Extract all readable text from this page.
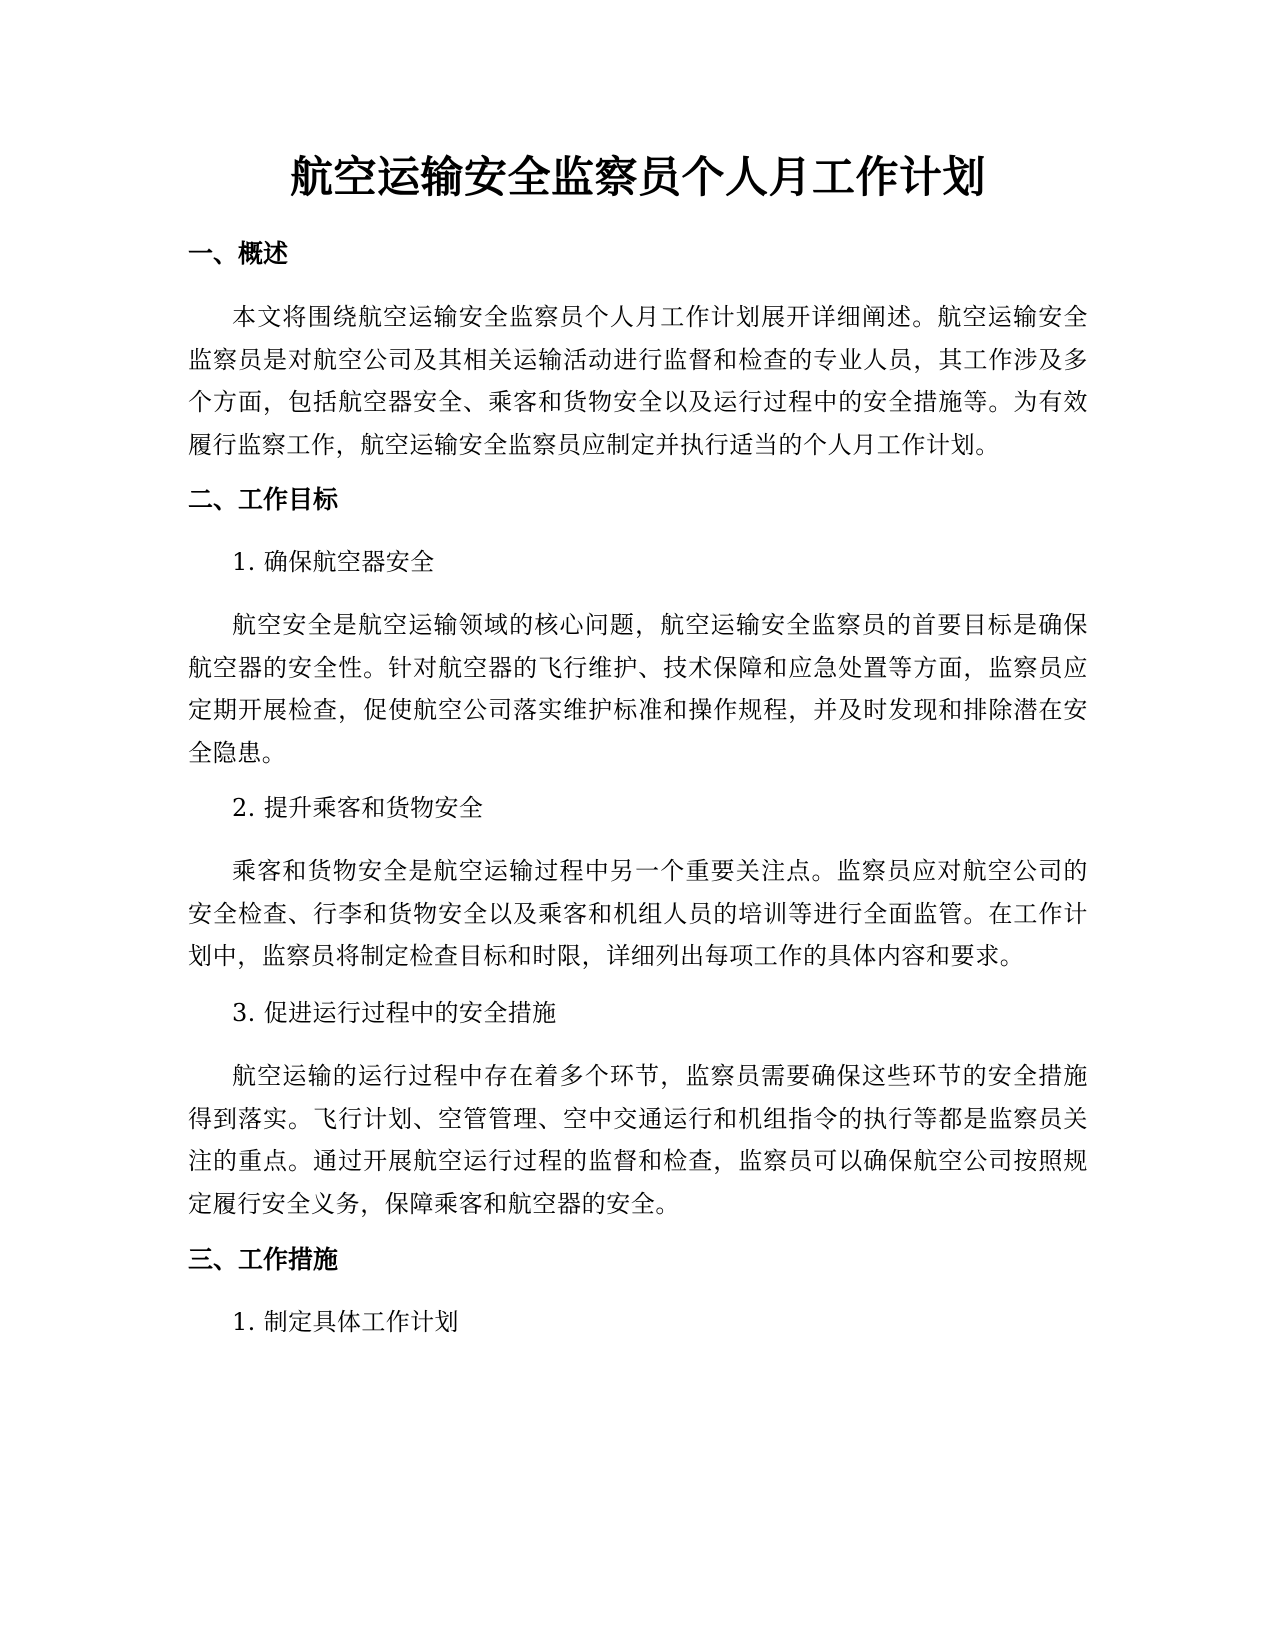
航空运输安全监察员个人月工作计划
一、概述

本文将围绕航空运输安全监察员个人月工作计划展开详细阐述。航空运输安全监察员是对航空公司及其相关运输活动进行监督和检查的专业人员，其工作涉及多个方面，包括航空器安全、乘客和货物安全以及运行过程中的安全措施等。为有效履行监察工作，航空运输安全监察员应制定并执行适当的个人月工作计划。

二、工作目标
1. 确保航空器安全

航空安全是航空运输领域的核心问题，航空运输安全监察员的首要目标是确保航空器的安全性。针对航空器的飞行维护、技术保障和应急处置等方面，监察员应定期开展检查，促使航空公司落实维护标准和操作规程，并及时发现和排除潜在安全隐患。

2. 提升乘客和货物安全

乘客和货物安全是航空运输过程中另一个重要关注点。监察员应对航空公司的安全检查、行李和货物安全以及乘客和机组人员的培训等进行全面监管。在工作计划中，监察员将制定检查目标和时限，详细列出每项工作的具体内容和要求。

3. 促进运行过程中的安全措施

航空运输的运行过程中存在着多个环节，监察员需要确保这些环节的安全措施得到落实。飞行计划、空管管理、空中交通运行和机组指令的执行等都是监察员关注的重点。通过开展航空运行过程的监督和检查，监察员可以确保航空公司按照规定履行安全义务，保障乘客和航空器的安全。

三、工作措施
1. 制定具体工作计划
